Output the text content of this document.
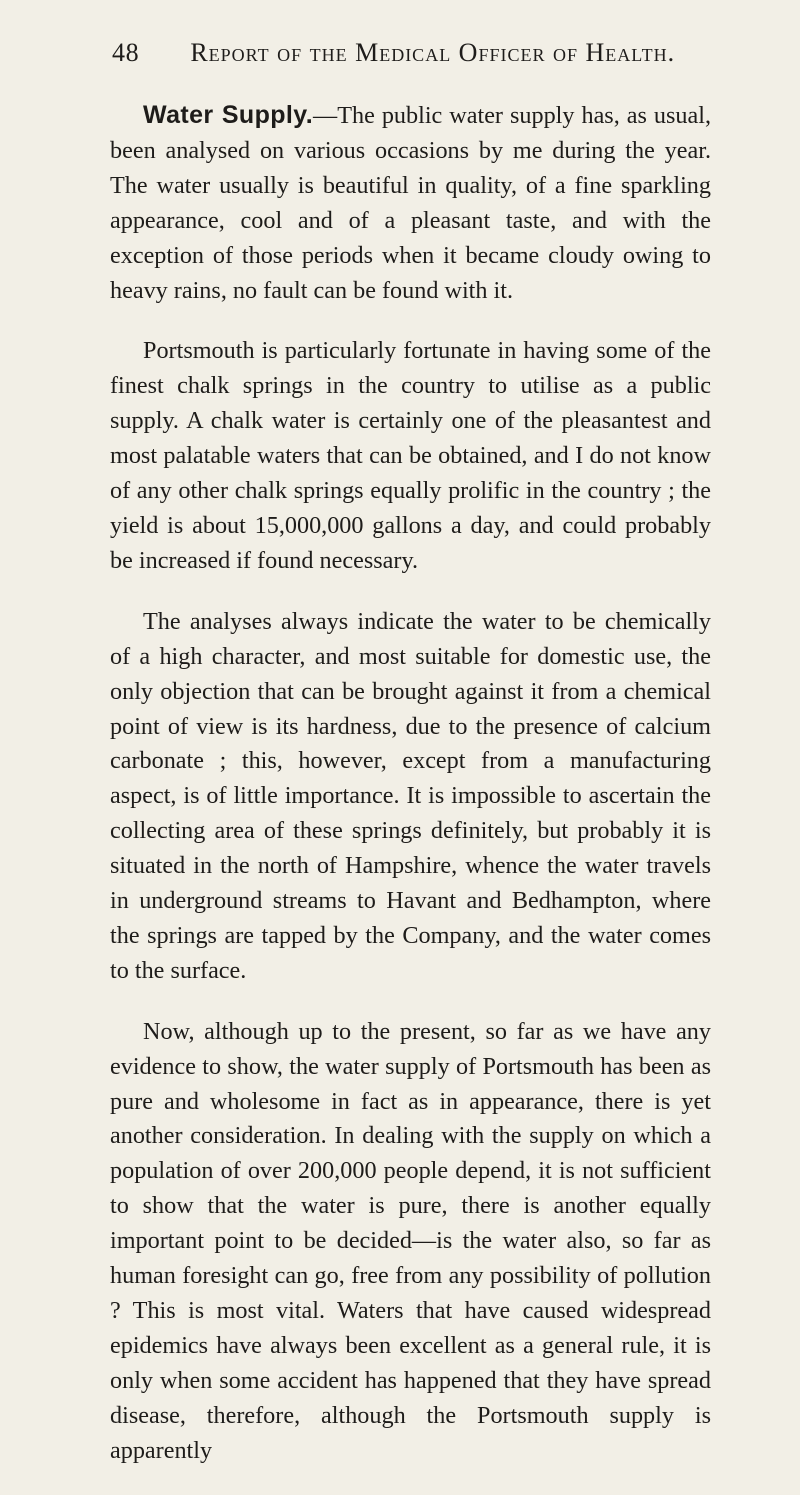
48 Report of the Medical Officer of Health.

Water Supply.—The public water supply has, as usual, been analysed on various occasions by me during the year. The water usually is beautiful in quality, of a fine sparkling appearance, cool and of a pleasant taste, and with the exception of those periods when it became cloudy owing to heavy rains, no fault can be found with it.

Portsmouth is particularly fortunate in having some of the finest chalk springs in the country to utilise as a public supply. A chalk water is certainly one of the pleasantest and most palatable waters that can be obtained, and I do not know of any other chalk springs equally prolific in the country ; the yield is about 15,000,000 gallons a day, and could probably be increased if found necessary.

The analyses always indicate the water to be chemically of a high character, and most suitable for domestic use, the only objection that can be brought against it from a chemical point of view is its hardness, due to the presence of calcium carbonate ; this, however, except from a manufacturing aspect, is of little importance. It is impossible to ascertain the collecting area of these springs definitely, but probably it is situated in the north of Hampshire, whence the water travels in underground streams to Havant and Bedhampton, where the springs are tapped by the Company, and the water comes to the surface.

Now, although up to the present, so far as we have any evidence to show, the water supply of Portsmouth has been as pure and wholesome in fact as in appearance, there is yet another consideration. In dealing with the supply on which a population of over 200,000 people depend, it is not sufficient to show that the water is pure, there is another equally important point to be decided—is the water also, so far as human foresight can go, free from any possibility of pollution ? This is most vital. Waters that have caused widespread epidemics have always been excellent as a general rule, it is only when some accident has happened that they have spread disease, therefore, although the Portsmouth supply is apparently
